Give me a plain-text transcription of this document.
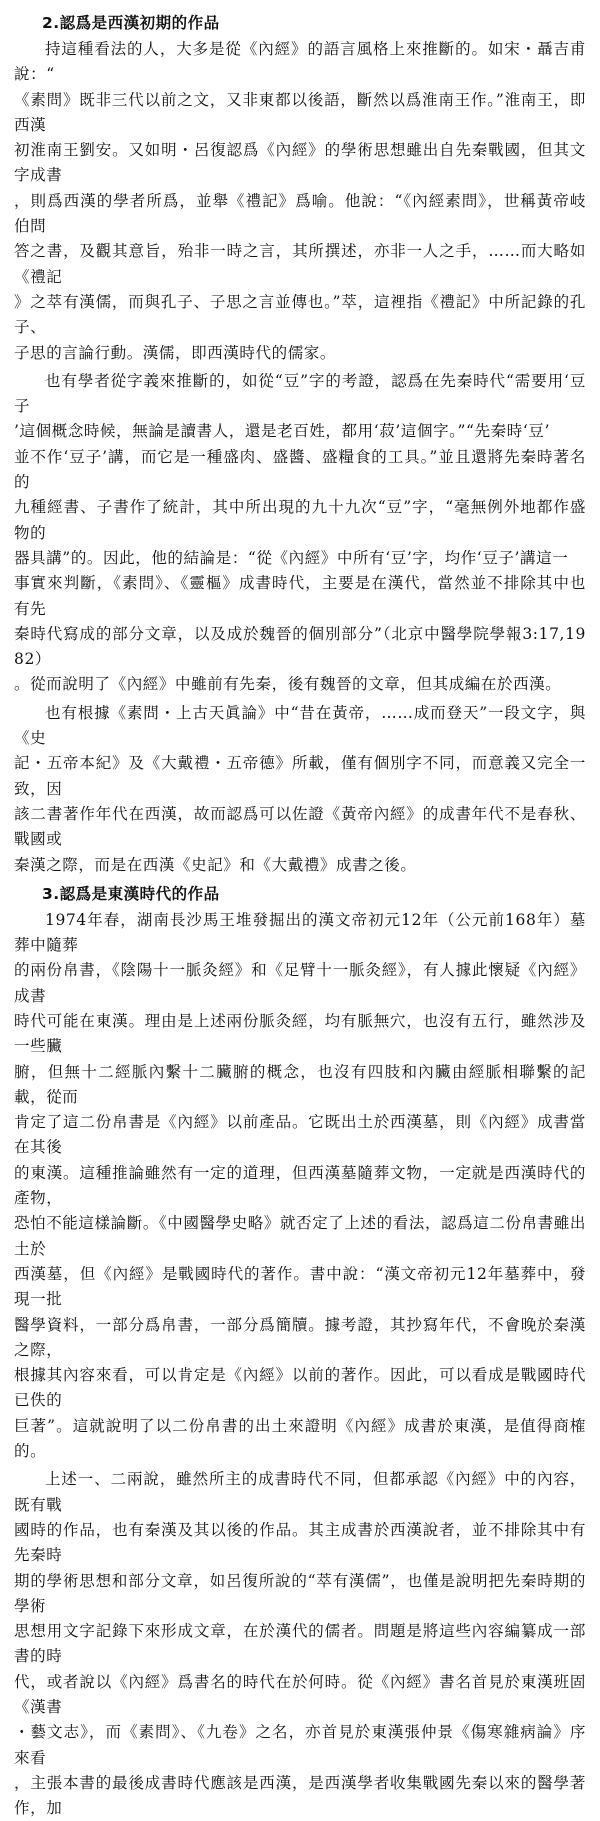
2.認爲是西漢初期的作品

持這種看法的人，大多是從《內經》的語言風格上來推斷的。如宋・聶吉甫說：“
《素問》既非三代以前之文，又非東都以後語，斷然以爲淮南王作。”淮南王，即西漢
初淮南王劉安。又如明・呂復認爲《內經》的學術思想雖出自先秦戰國，但其文字成書
，則爲西漢的學者所爲，並舉《禮記》爲喻。他說：“《內經素問》，世稱黃帝岐伯問
答之書，及觀其意旨，殆非一時之言，其所撰述，亦非一人之手，……而大略如《禮記
》之萃有漢儒，而與孔子、子思之言並傳也。”萃，這裡指《禮記》中所記錄的孔子、
子思的言論行動。漢儒，即西漢時代的儒家。

也有學者從字義來推斷的，如從“豆”字的考證，認爲在先秦時代“需要用‘豆子
’這個概念時候，無論是讀書人，還是老百姓，都用‘菽’這個字。”“先秦時‘豆’
並不作‘豆子’講，而它是一種盛肉、盛醬、盛糧食的工具。”並且還將先秦時著名的
九種經書、子書作了統計，其中所出現的九十九次“豆”字，“毫無例外地都作盛物的
器具講”的。因此，他的結論是：“從《內經》中所有‘豆’字，均作‘豆子’講這一
事實來判斷，《素問》、《靈樞》成書時代，主要是在漢代，當然並不排除其中也有先
秦時代寫成的部分文章，以及成於魏晉的個別部分”（北京中醫學院學報3:17,1982）
。從而說明了《內經》中雖前有先秦，後有魏晉的文章，但其成編在於西漢。

也有根據《素問・上古天眞論》中“昔在黃帝，……成而登天”一段文字，與《史
記・五帝本紀》及《大戴禮・五帝德》所載，僅有個別字不同，而意義又完全一致，因
該二書著作年代在西漢，故而認爲可以佐證《黃帝內經》的成書年代不是春秋、戰國或
秦漢之際，而是在西漢《史記》和《大戴禮》成書之後。

3.認爲是東漢時代的作品

1974年春，湖南長沙馬王堆發掘出的漢文帝初元12年（公元前168年）墓葬中隨葬
的兩份帛書，《陰陽十一脈灸經》和《足臂十一脈灸經》，有人據此懷疑《內經》成書
時代可能在東漢。理由是上述兩份脈灸經，均有脈無穴，也沒有五行，雖然涉及一些臟
腑，但無十二經脈內繫十二臟腑的概念，也沒有四肢和內臟由經脈相聯繫的記載，從而
肯定了這二份帛書是《內經》以前產品。它既出土於西漢墓，則《內經》成書當在其後
的東漢。這種推論雖然有一定的道理，但西漢墓隨葬文物，一定就是西漢時代的產物，
恐怕不能這樣論斷。《中國醫學史略》就否定了上述的看法，認爲這二份帛書雖出土於
西漢墓，但《內經》是戰國時代的著作。書中說：“漢文帝初元12年墓葬中，發現一批
醫學資料，一部分爲帛書，一部分爲簡牘。據考證，其抄寫年代，不會晚於秦漢之際，
根據其內容來看，可以肯定是《內經》以前的著作。因此，可以看成是戰國時代已佚的
巨著”。這就說明了以二份帛書的出土來證明《內經》成書於東漢，是值得商榷的。

上述一、二兩說，雖然所主的成書時代不同，但都承認《內經》中的內容，既有戰
國時的作品，也有秦漢及其以後的作品。其主成書於西漢說者，並不排除其中有先秦時
期的學術思想和部分文章，如呂復所說的“萃有漢儒”，也僅是說明把先秦時期的學術
思想用文字記錄下來形成文章，在於漢代的儒者。問題是將這些內容編纂成一部書的時
代，或者說以《內經》爲書名的時代在於何時。從《內經》書名首見於東漢班固《漢書
・藝文志》，而《素問》、《九卷》之名，亦首見於東漢張仲景《傷寒雜病論》序來看
，主張本書的最後成書時代應該是西漢，是西漢學者收集戰國先秦以來的醫學著作，加
